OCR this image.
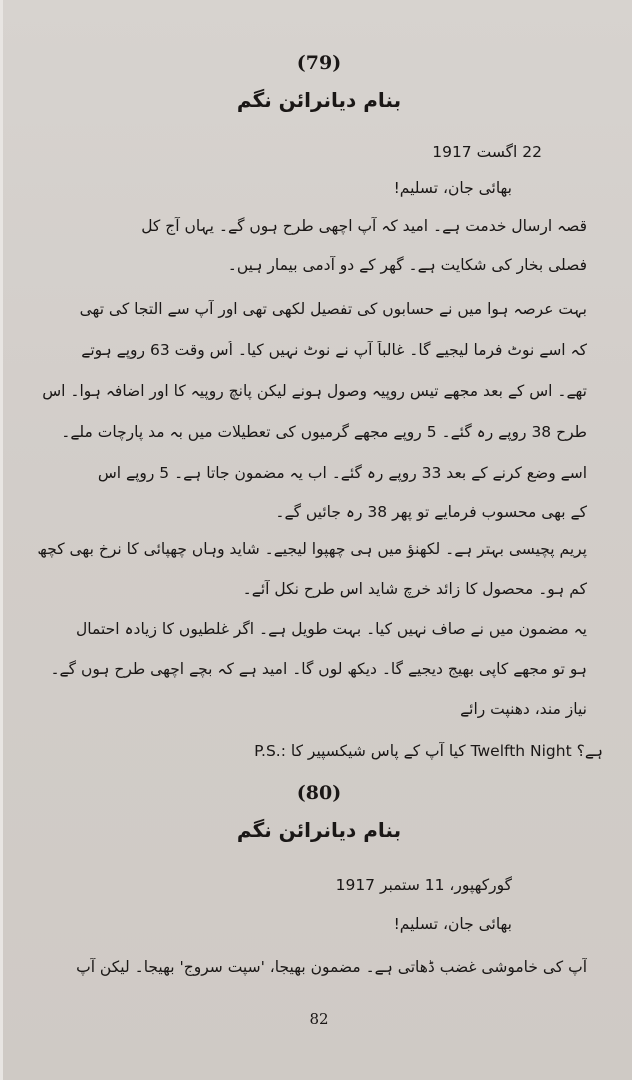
(79)
بنام دیانرائن نگم
22 اگست 1917
بھائی جان، تسلیم!
قصہ ارسال خدمت ہے۔ امید کہ آپ اچھی طرح ہوں گے۔ یہاں آج کل
فصلی بخار کی شکایت ہے۔ گھر کے دو آدمی بیمار ہیں۔
بہت عرصہ ہوا میں نے حسابوں کی تفصیل لکھی تھی اور آپ سے التجا کی تھی
کہ اسے نوٹ فرما لیجیے گا۔ غالباً آپ نے نوٹ نہیں کیا۔ اُس وقت 63 روپے ہوتے
تھے۔ اس کے بعد مجھے تیس روپیہ وصول ہونے لیکن پانچ روپیہ کا اور اضافہ ہوا۔ اس
طرح 38 روپے رہ گئے۔ 5 روپے مجھے گرمیوں کی تعطیلات میں بہ مد پارچات ملے۔
اسے وضع کرنے کے بعد 33 روپے رہ گئے۔ اب یہ مضمون جاتا ہے۔ 5 روپے اس
کے بھی محسوب فرمایے تو پھر 38 رہ جائیں گے۔
پریم پچیسی بہتر ہے۔ لکھنؤ میں ہی چھپوا لیجیے۔ شاید وہاں چھپائی کا نرخ بھی کچھ
کم ہو۔ محصول کا زائد خرچ شاید اس طرح نکل آئے۔
یہ مضمون میں نے صاف نہیں کیا۔ بہت طویل ہے۔ اگر غلطیوں کا زیادہ احتمال
ہو تو مجھے کاپی بھیج دیجیے گا۔ دیکھ لوں گا۔ امید ہے کہ بچے اچھی طرح ہوں گے۔
نیاز مند، دھنپت رائے
P.S.: کیا آپ کے پاس شیکسپیر کا Twelfth Night ہے؟
(80)
بنام دیانرائن نگم
گورکھپور، 11 ستمبر 1917
بھائی جان، تسلیم!
آپ کی خاموشی غضب ڈھاتی ہے۔ مضمون بھیجا، 'سپت سروج' بھیجا۔ لیکن آپ
82
